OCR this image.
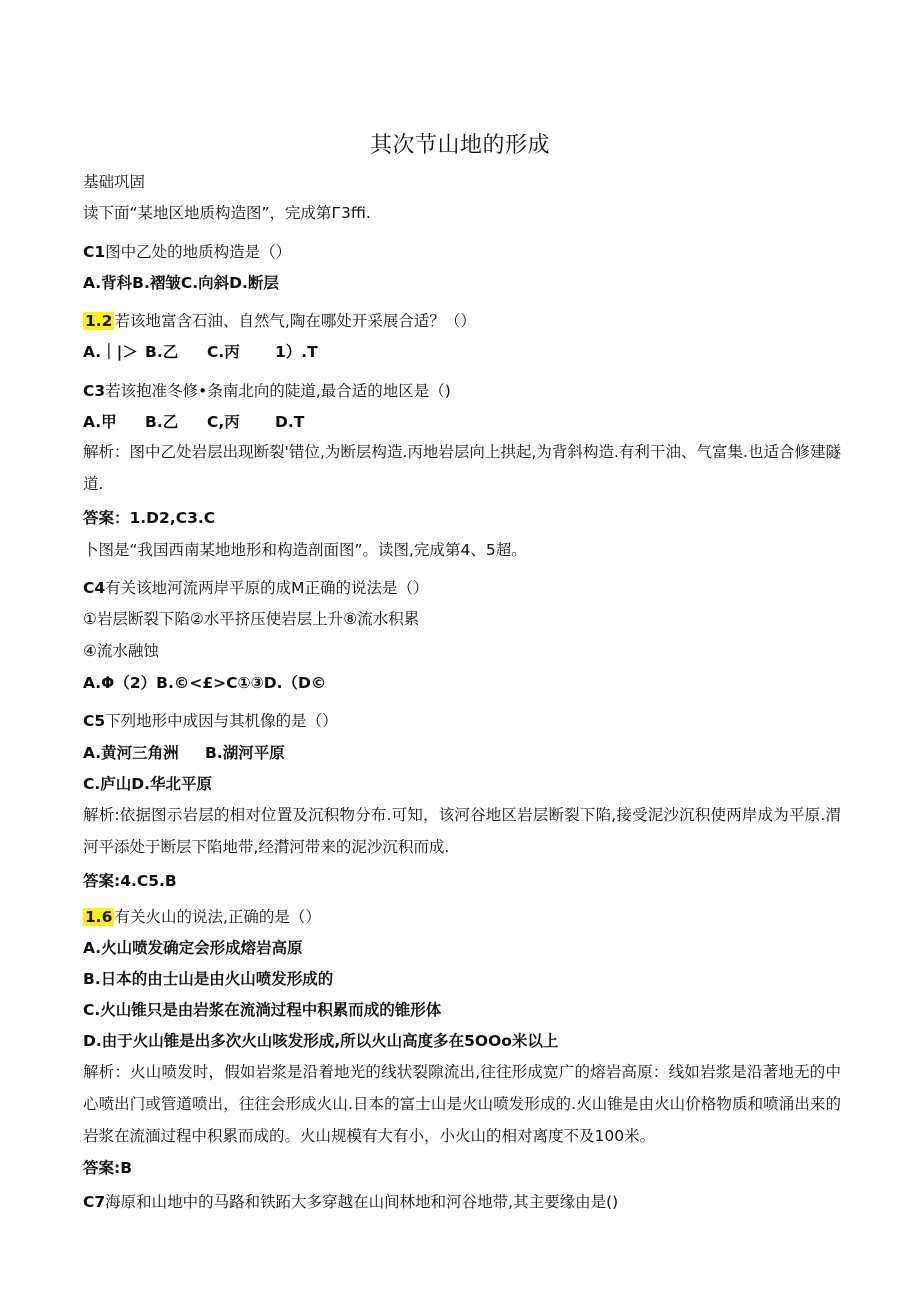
其次节山地的形成
基础巩固
读下面“某地区地质构造图”，完成第Г3ffi.
C1图中乙处的地质构造是（）
A.背科B.褶皱C.向斜D.断层
1.2 若该地富含石油、自然气,陶在哪处开采展合适？（）
A.｜|＞ B.乙 C.丙 1）.T
C3若该抱准冬修•条南北向的陡道,最合适的地区是（)
A.甲 B.乙 C,丙 D.T
解析：图中乙处岩层出现断裂'错位,为断层构造.丙地岩层向上拱起,为背斜构造.有利干油、气富集.也适合修建隧道.
答案：1.D2,C3.C
卜图是“我国西南某地地形和构造剖面图”。读图,完成第4、5超。
C4有关该地河流两岸平原的成M正确的说法是（）
①岩层断裂下陷②水平挤压使岩层上升⑧流水积累
④流水融蚀
A.Φ（2）B.©<£>C①③D.（D©
C5下列地形中成因与其机像的是（）
A.黄河三角洲 B.湖河平原
C.庐山D.华北平原
解析:依据图示岩层的相对位置及沉积物分布.可知，该河谷地区岩层断裂下陷,接受泥沙沉积使两岸成为平原.渭河平添处于断层下陷地带,经潸河带来的泥沙沉积而成.
答案:4.C5.B
1.6 有关火山的说法,正确的是（）
A.火山喷发确定会形成熔岩高原
B.日本的由士山是由火山喷发形成的
C.火山锥只是由岩浆在流淌过程中积累而成的锥形体
D.由于火山锥是出多次火山咳发形成,所以火山高度多在5OOo米以上
解析：火山喷发时，假如岩浆是沿着地光的线状裂隙流出,往往形成宽广的熔岩高原：线如岩浆是沿著地无的中心喷出门或管道喷出，往往会形成火山.日本的富士山是火山喷发形成的.火山锥是由火山价格物质和喷涌出来的岩浆在流湎过程中积累而成的。火山规模有大有小，小火山的相对离度不及100米。
答案:B
C7海原和山地中的马路和铁跖大多穿越在山间林地和河谷地带,其主要缘由是()
